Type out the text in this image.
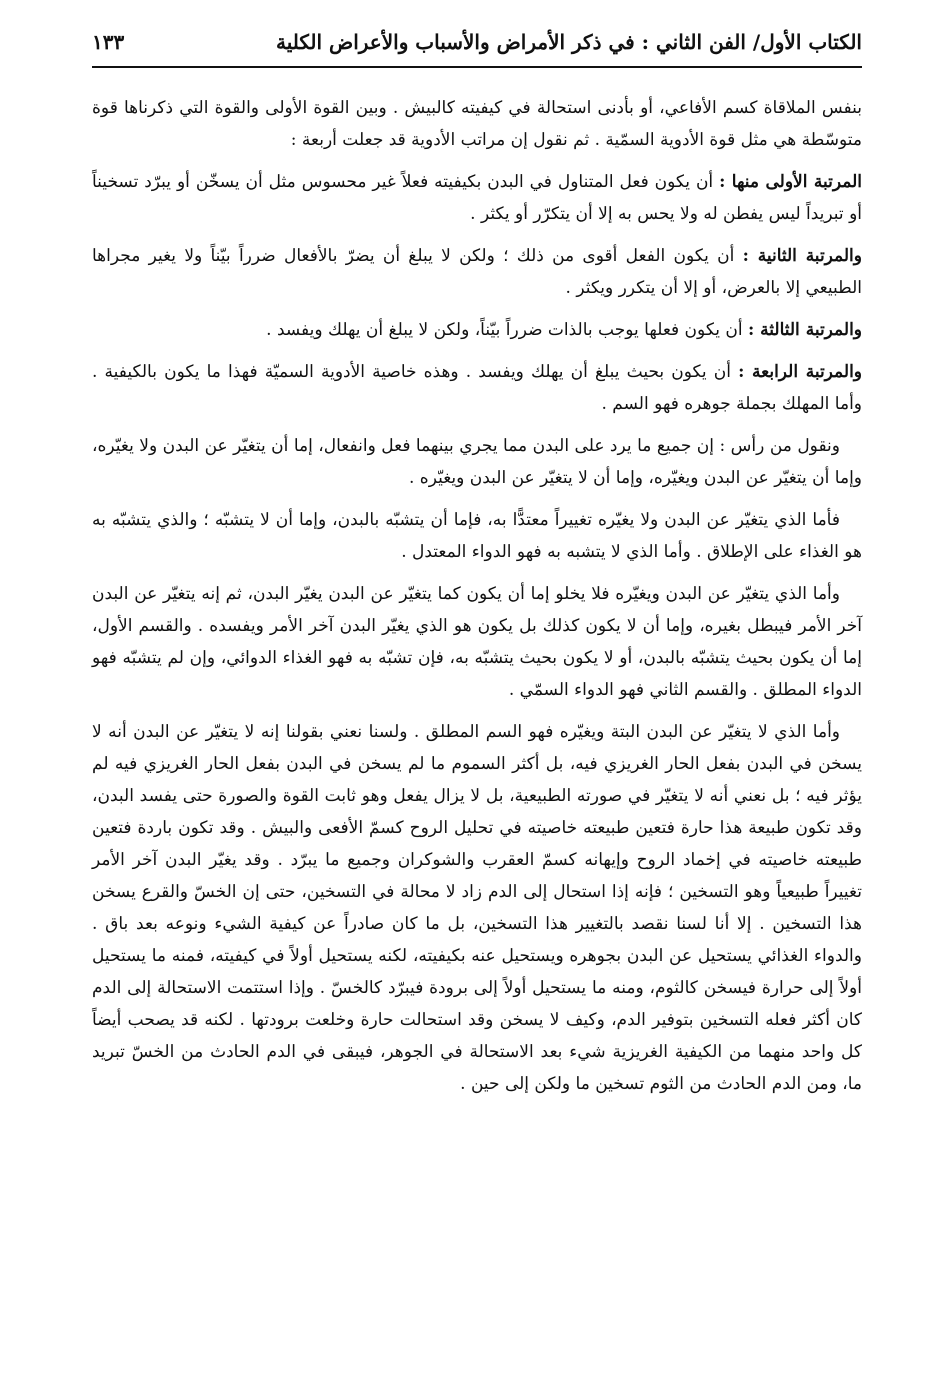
الكتاب الأول/ الفن الثاني : في ذكر الأمراض والأسباب والأعراض الكلية
١٣٣

بنفس الملاقاة كسم الأفاعي، أو بأدنى استحالة في كيفيته كالبيش . وبين القوة الأولى والقوة التي ذكرناها قوة متوسّطة هي مثل قوة الأدوية السمّية . ثم نقول إن مراتب الأدوية قد جعلت أربعة :

المرتبة الأولى منها : أن يكون فعل المتناول في البدن بكيفيته فعلاً غير محسوس مثل أن يسخّن أو يبرّد تسخيناً أو تبريداً ليس يفطن له ولا يحس به إلا أن يتكرّر أو يكثر .

والمرتبة الثانية : أن يكون الفعل أقوى من ذلك ؛ ولكن لا يبلغ أن يضرّ بالأفعال ضرراً بيّناً ولا يغير مجراها الطبيعي إلا بالعرض، أو إلا أن يتكرر ويكثر .

والمرتبة الثالثة : أن يكون فعلها يوجب بالذات ضرراً بيّناً، ولكن لا يبلغ أن يهلك ويفسد .

والمرتبة الرابعة : أن يكون بحيث يبلغ أن يهلك ويفسد . وهذه خاصية الأدوية السميّة فهذا ما يكون بالكيفية . وأما المهلك بجملة جوهره فهو السم .

ونقول من رأس : إن جميع ما يرد على البدن مما يجري بينهما فعل وانفعال، إما أن يتغيّر عن البدن ولا يغيّره، وإما أن يتغيّر عن البدن ويغيّره، وإما أن لا يتغيّر عن البدن ويغيّره .

فأما الذي يتغيّر عن البدن ولا يغيّره تغييراً معتدًّا به، فإما أن يتشبّه بالبدن، وإما أن لا يتشبّه ؛ والذي يتشبّه به هو الغذاء على الإطلاق . وأما الذي لا يتشبه به فهو الدواء المعتدل .

وأما الذي يتغيّر عن البدن ويغيّره فلا يخلو إما أن يكون كما يتغيّر عن البدن يغيّر البدن، ثم إنه يتغيّر عن البدن آخر الأمر فيبطل بغيره، وإما أن لا يكون كذلك بل يكون هو الذي يغيّر البدن آخر الأمر ويفسده . والقسم الأول، إما أن يكون بحيث يتشبّه بالبدن، أو لا يكون بحيث يتشبّه به، فإن تشبّه به فهو الغذاء الدوائي، وإن لم يتشبّه فهو الدواء المطلق . والقسم الثاني فهو الدواء السمّي .

وأما الذي لا يتغيّر عن البدن البتة ويغيّره فهو السم المطلق . ولسنا نعني بقولنا إنه لا يتغيّر عن البدن أنه لا يسخن في البدن بفعل الحار الغريزي فيه، بل أكثر السموم ما لم يسخن في البدن بفعل الحار الغريزي فيه لم يؤثر فيه ؛ بل نعني أنه لا يتغيّر في صورته الطبيعية، بل لا يزال يفعل وهو ثابت القوة والصورة حتى يفسد البدن، وقد تكون طبيعة هذا حارة فتعين طبيعته خاصيته في تحليل الروح كسمّ الأفعى والبيش . وقد تكون باردة فتعين طبيعته خاصيته في إخماد الروح وإيهانه كسمّ العقرب والشوكران وجميع ما يبرّد . وقد يغيّر البدن آخر الأمر تغييراً طبيعياً وهو التسخين ؛ فإنه إذا استحال إلى الدم زاد لا محالة في التسخين، حتى إن الخسّ والقرع يسخن هذا التسخين . إلا أنا لسنا نقصد بالتغيير هذا التسخين، بل ما كان صادراً عن كيفية الشيء ونوعه بعد باق . والدواء الغذائي يستحيل عن البدن بجوهره ويستحيل عنه بكيفيته، لكنه يستحيل أولاً في كيفيته، فمنه ما يستحيل أولاً إلى حرارة فيسخن كالثوم، ومنه ما يستحيل أولاً إلى برودة فيبرّد كالخسّ . وإذا استتمت الاستحالة إلى الدم كان أكثر فعله التسخين بتوفير الدم، وكيف لا يسخن وقد استحالت حارة وخلعت برودتها . لكنه قد يصحب أيضاً كل واحد منهما من الكيفية الغريزية شيء بعد الاستحالة في الجوهر، فيبقى في الدم الحادث من الخسّ تبريد ما، ومن الدم الحادث من الثوم تسخين ما ولكن إلى حين .
